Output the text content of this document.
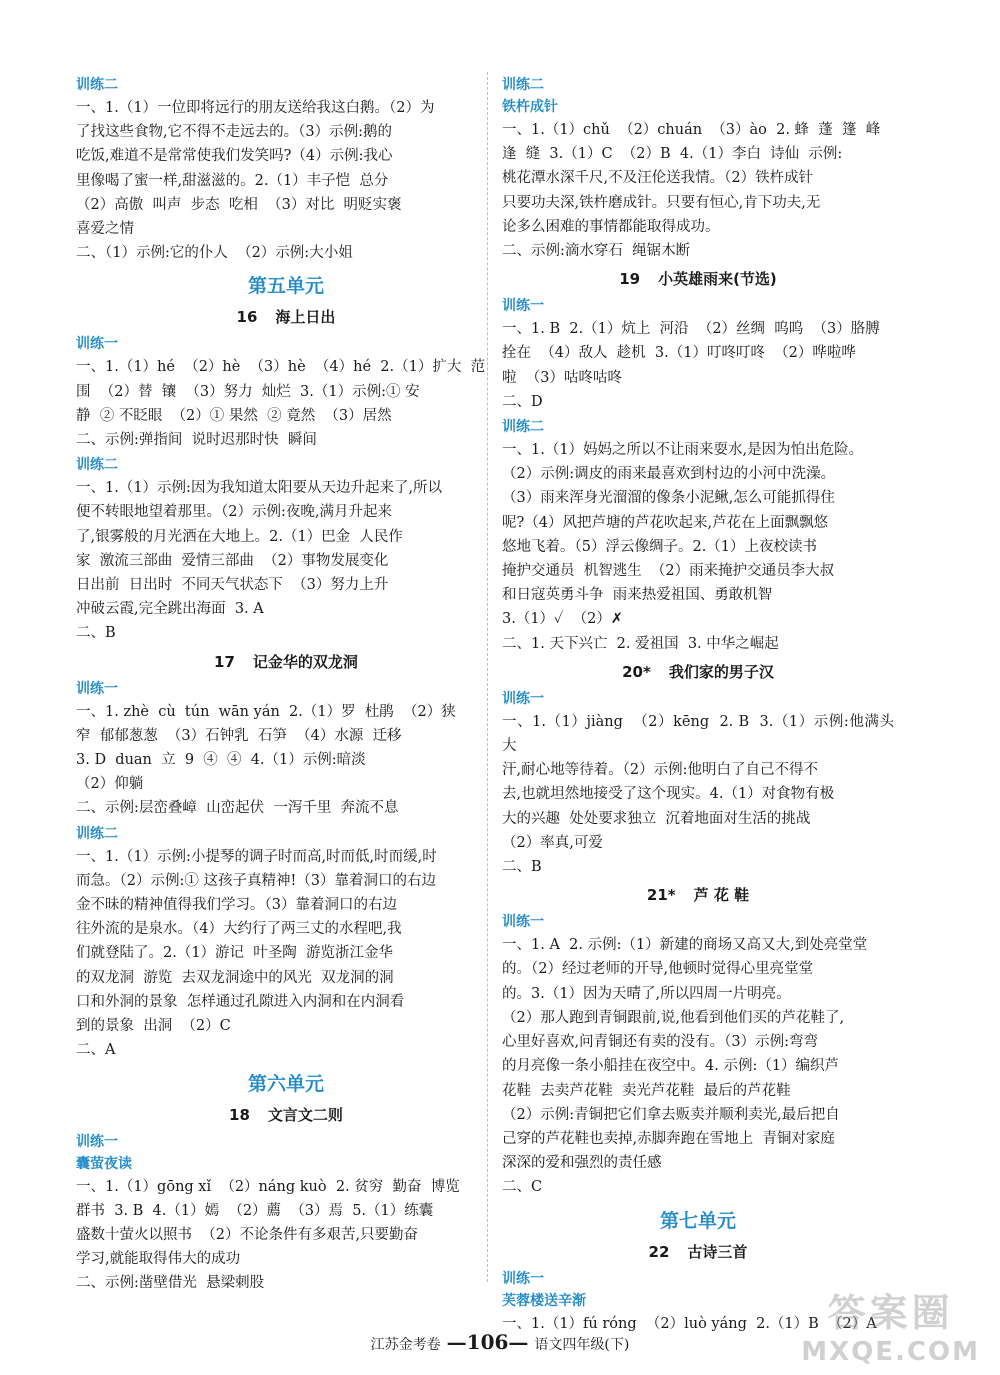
训练二
一、1.（1）一位即将远行的朋友送给我这白鹅。（2）为
了找这些食物,它不得不走远去的。（3）示例:鹅的
吃饭,难道不是常常使我们发笑吗?（4）示例:我心
里像喝了蜜一样,甜滋滋的。2.（1）丰子恺  总分
（2）高傲  叫声  步态  吃相  （3）对比  明贬实褒
喜爱之情
二、（1）示例:它的仆人  （2）示例:大小姐
第五单元
16 海上日出
训练一
一、1.（1）hé  （2）hè  （3）hè  （4）hé  2.（1）扩大  范
围  （2）替  镶  （3）努力  灿烂  3.（1）示例:① 安
静  ② 不眨眼  （2）① 果然  ② 竟然  （3）居然
二、示例:弹指间  说时迟那时快  瞬间
训练二
一、1.（1）示例:因为我知道太阳要从天边升起来了,所以
便不转眼地望着那里。（2）示例:夜晚,满月升起来
了,银雾般的月光洒在大地上。2.（1）巴金  人民作
家  激流三部曲  爱情三部曲  （2）事物发展变化
日出前  日出时  不同天气状态下  （3）努力上升
冲破云霞,完全跳出海面  3. A
二、B
17 记金华的双龙洞
训练一
一、1. zhè  cù  tún  wān yán  2.（1）罗  杜鹃  （2）狭
窄  郁郁葱葱  （3）石钟乳  石笋  （4）水源  迁移
3. D  duan  立  9  ④  ④  4.（1）示例:暗淡
（2）仰躺
二、示例:层峦叠嶂  山峦起伏  一泻千里  奔流不息
训练二
一、1.（1）示例:小提琴的调子时而高,时而低,时而缓,时
而急。（2）示例:① 这孩子真精神!（3）靠着洞口的右边
金不昧的精神值得我们学习。（3）靠着洞口的右边
往外流的是泉水。（4）大约行了两三丈的水程吧,我
们就登陆了。2.（1）游记  叶圣陶  游览浙江金华
的双龙洞  游览  去双龙洞途中的风光  双龙洞的洞
口和外洞的景象  怎样通过孔隙进入内洞和在内洞看
到的景象  出洞  （2）C
二、A
第六单元
18 文言文二则
训练一
囊萤夜读
一、1.（1）gōng xǐ  （2）náng kuò  2. 贫穷  勤奋  博览
群书  3. B  4.（1）嫣  （2）薦  （3）焉  5.（1）练囊
盛数十萤火以照书  （2）不论条件有多艰苦,只要勤奋
学习,就能取得伟大的成功
二、示例:凿壁借光  悬梁刺股
训练二
铁杵成针
一、1.（1）chǔ  （2）chuán  （3）ào  2. 蜂  蓬  篷  峰
逢  缝  3.（1）C  （2）B  4.（1）李白  诗仙  示例:
桃花潭水深千尺,不及汪伦送我情。（2）铁杵成针
只要功夫深,铁杵磨成针。只要有恒心,肯下功夫,无
论多么困难的事情都能取得成功。
二、示例:滴水穿石  绳锯木断
19 小英雄雨来(节选)
训练一
一、1. B  2.（1）炕上  河沿  （2）丝绸  呜呜  （3）胳膊
拴在  （4）敌人  趁机  3.（1）叮咚叮咚  （2）哗啦哗
啦  （3）咕咚咕咚
二、D
训练二
一、1.（1）妈妈之所以不让雨来耍水,是因为怕出危险。
（2）示例:调皮的雨来最喜欢到村边的小河中洗澡。
（3）雨来浑身光溜溜的像条小泥鳅,怎么可能抓得住
呢?（4）风把芦塘的芦花吹起来,芦花在上面飘飘悠
悠地飞着。（5）浮云像绸子。2.（1）上夜校读书
掩护交通员  机智逃生  （2）雨来掩护交通员李大叔
和日寇英勇斗争  雨来热爱祖国、勇敢机智
3.（1）✓  （2）✗
二、1. 天下兴亡  2. 爱祖国  3. 中华之崛起
20* 我们家的男子汉
训练一
一、1.（1）jiàng  （2）kēng  2. B  3.（1）示例:他满头大
汗,耐心地等待着。（2）示例:他明白了自己不得不
去,也就坦然地接受了这个现实。4.（1）对食物有极
大的兴趣  处处要求独立  沉着地面对生活的挑战
（2）率真,可爱
二、B
21* 芦 花 鞋
训练一
一、1. A  2. 示例:（1）新建的商场又高又大,到处亮堂堂
的。（2）经过老师的开导,他顿时觉得心里亮堂堂
的。3.（1）因为天晴了,所以四周一片明亮。
（2）那人跑到青铜跟前,说,他看到他们买的芦花鞋了,
心里好喜欢,问青铜还有卖的没有。（3）示例:弯弯
的月亮像一条小船挂在夜空中。4. 示例:（1）编织芦
花鞋  去卖芦花鞋  卖光芦花鞋  最后的芦花鞋
（2）示例:青铜把它们拿去贩卖并顺利卖光,最后把自
己穿的芦花鞋也卖掉,赤脚奔跑在雪地上  青铜对家庭
深深的爱和强烈的责任感
二、C
第七单元
22 古诗三首
训练一
芙蓉楼送辛渐
一、1.（1）fú róng  （2）luò yáng  2.（1）B  （2）A
江苏金考卷 —106— 语文四年级(下)
答案圈
MXQE.COM
